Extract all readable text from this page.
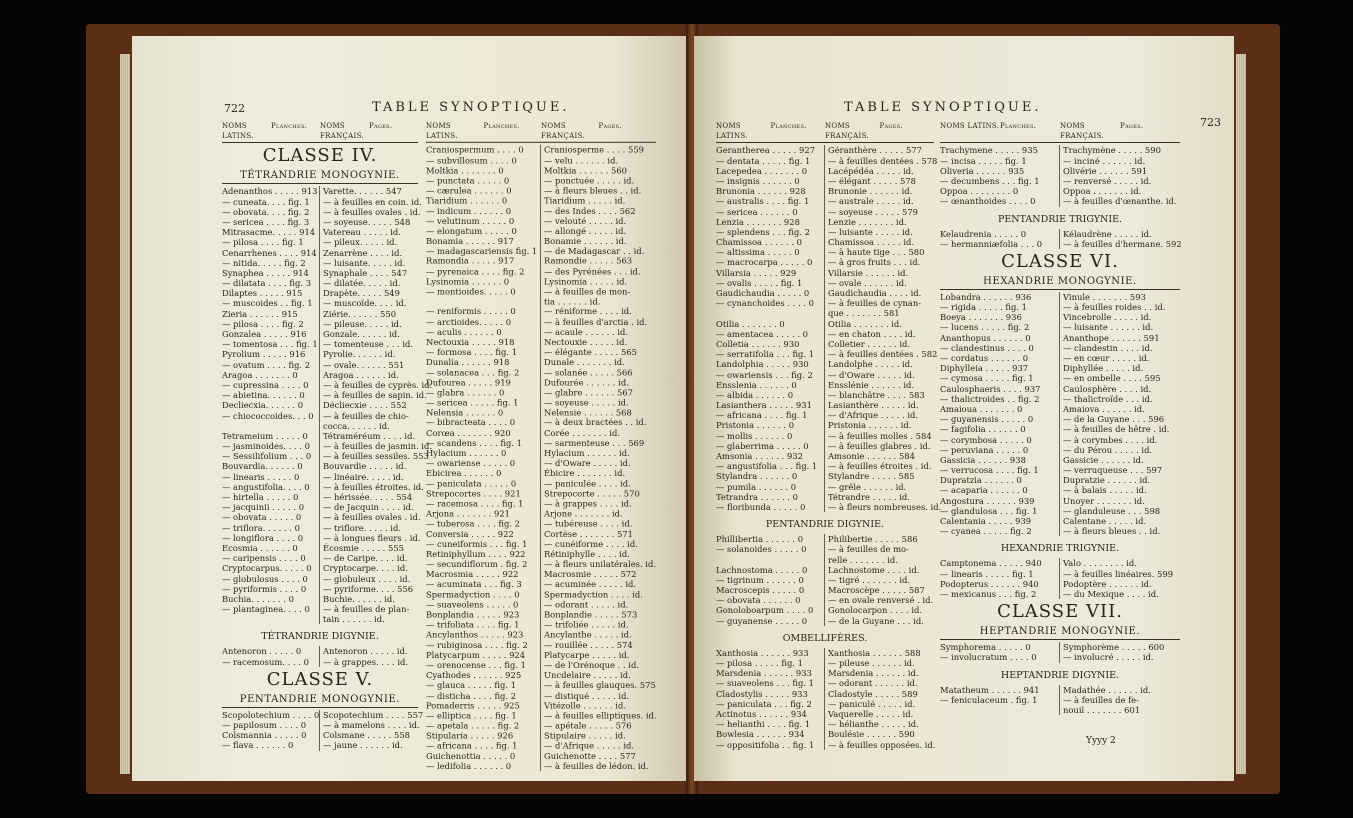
722	TABLE SYNOPTIQUE.
NOMS LATINS.
Planches.	NOMS FRANÇAIS.
Pages.
CLASSE IV.
TÉTRANDRIE MONOGYNIE.
Adenanthos . . . . . 913 Varette. . . . . . 547
— cuneata. . . . fig. 1	— à feuilles en coin. id.
— obovata. . . . fig. 2	— à feuilles ovales . id.
— sericea . . . . fig. 3	— soyeuse. . . . . 548
Mitrasacme. . . . . 914 Vatereau . . . . . id.
— pilosa . . . . fig. 1	— pileux. . . . . id.
Cenarrhenes . . . . 914 Zenarrène . . . . id.
— nitida. . . . . fig. 2	— luisante. . . . . id.
Synaphea . . . . . 914	Synaphale . . . . 547
— dilatata . . . . fig. 3	— dilatée. . . . . id.
Dilaptes . . . . . 915	Drapète. . . . . 549
— muscoides . . fig. 1	— muscoïde. . . . id.
Zieria . . . . . . 915	Ziérie. . . . . . 550
— pilosa . . . . fig. 2	— pileuse. . . . . id.
Gonzalea . . . . . 916	Gonzale. . . . . . id.
— tomentosa . . . fig. 1 — tomenteuse . . . id.
Pyrolium . . . . . 916	Pyrolie. . . . . . id.
— ovatum . . . . fig. 2	— ovale. . . . . . 551
Aragoa . . . . . . . 0	Aragoa . . . . . . id.
— cupressina . . . . 0	— à feuilles de cyprès. id.
— abietina. . . . . . 0	— à feuilles de sapin. id.
Decliecxia. . . . . . 0	Décliecxie . . . . 552
— chiococcoides. . . 0	— à feuilles de chio-
cocca. . . . . . id.
Tetrameium . . . . . 0	Tétraméréum . . . . id.
— jasminoides. . . . 0	— à feuilles de jasmin. id.
— Sessilifolium . . . 0	— à feuilles sessiles. 553
Bouvardia. . . . . . 0	Bouvardie . . . . . id.
— linearis . . . . . 0	— linéaire. . . . . id.
— angustifolia. . . . 0	— à feuilles étroites. id.
— hirtella . . . . . 0	— hérissée. . . . . 554
— jacquinii . . . . . 0	— de Jacquin . . . . id.
— obovata . . . . . 0	— à feuilles ovales . id.
— triflora. . . . . . 0	— triflore. . . . . id.
— longiflora . . . . 0	— à longues fleurs . id.
Ecosmia . . . . . . 0	Écosmie . . . . . 555
— caripensis . . . . 0	— de Caripe. . . . id.
Cryptocarpus. . . . . 0	Cryptocarpe. . . . id.
— globulosus . . . . 0	— globuleux . . . . id.
— pyriformis . . . . 0	— pyriforme. . . . 556
Buchia. . . . . . . 0	Buchie. . . . . . id.
— plantaginea. . . . 0	— à feuilles de plan-
tain . . . . . . id.
TÉTRANDRIE DIGYNIE.
Antenoron . . . . . 0	Antenoron . . . . . id.
— racemosum. . . . 0	— à grappes. . . . id.
CLASSE V.
PENTANDRIE MONOGYNIE.
Scopolotechium . . . . 0 Scopotechium . . . . 557
— papilosum . . . . 0	— à mamelons . . . . id.
Colsmannia . . . . . 0	Colsmane . . . . . 558
— flava . . . . . . 0	— jaune . . . . . . id.
NOMS LATINS.
Planches.	NOMS FRANÇAIS.
Pages.
Craniospermum . . . . 0	Craniosperme . . . . 559
— subvillosum . . . . 0	— velu . . . . . . id.
Moltkia . . . . . . . 0	Moltkia . . . . . . 560
— punctata . . . . . 0	— ponctuée . . . . . id.
— cærulea . . . . . . 0	— à fleurs bleues . . id.
Tiaridium . . . . . . 0	Tiaridium . . . . . id.
— indicum . . . . . . 0	— des Indes . . . . 562
— velutinum . . . . . 0	— velouté . . . . . id.
— elongatum . . . . . 0	— allongé . . . . . id.
Bonamia . . . . . . 917	Bonamie . . . . . . id.
— madagascariensis fig. 1 — de Madagascar . . id.
Ramondia . . . . . 917	Ramondie . . . . . 563
— pyrenaica . . . . fig. 2	— des Pyrénées . . . id.
Lysinomia . . . . . . 0	Lysinomia . . . . . id.
— montioides. . . . . 0	— à feuilles de mon-
tia . . . . . . id.
— reniformis . . . . . 0	— réniforme . . . . id.
— arctioides. . . . . 0	— à feuilles d'arctia . id.
— aculis . . . . . . 0	— acaule . . . . . . id.
Nectouxia . . . . . 918	Nectouxie . . . . . id.
— formosa . . . . fig. 1	— élégante . . . . . 565
Dunalia . . . . . . 918	Dunale . . . . . . . id.
— solanacea . . . fig. 2	— solanée . . . . . 566
Dufourea . . . . . 919	Dufourée . . . . . . id.
— glabra . . . . . . 0	— glabre . . . . . . 567
— sericea . . . . . fig. 1	— soyeuse . . . . . id.
Nelensia . . . . . . 0	Nelensie . . . . . . 568
— bibracteata . . . . 0	— à deux bractées . . id.
Corœa . . . . . . . 920	Corée . . . . . . . id.
— scandens . . . . fig. 1	— sarmenteuse . . . 569
Hylacium . . . . . . 0	Hylacium . . . . . . id.
— owariense . . . . . 0	— d'Oware . . . . . id.
Ebicirea . . . . . . 0	Ébicire . . . . . . . id.
— paniculata . . . . . 0	— paniculée . . . . id.
Strepocortes . . . . 921	Strepocorte . . . . . 570
— racemosa . . . . fig. 1	— à grappes . . . . id.
Arjona . . . . . . . 921	Arjone . . . . . . . id.
— tuberosa . . . . fig. 2	— tubéreuse . . . . id.
Conversia . . . . . 922	Cortèse . . . . . . . 571
— cuneiformis . . . fig. 1	— cunéiforme . . . . id.
Retiniphyllum . . . . 922	Rétiniphylle . . . . id.
— secundiflorum . fig. 2	— à fleurs unilatérales. id.
Macrosmia . . . . . 922	Macrosmie . . . . . 572
— acuminata . . . fig. 3	— acuminée . . . . . id.
Spermadyction . . . . 0	Spermadyction . . . . id.
— suaveolens . . . . . 0	— odorant . . . . . id.
Bonplandia . . . . . 923	Bonplandie . . . . . 573
— trifoliata . . . . fig. 1	— trifoliée . . . . . id.
Ancylanthos . . . . . 923	Ancylanthe . . . . . id.
— rubiginosa . . . . fig. 2	— rouillée . . . . . 574
Platycarpum . . . . . 924	Platycarpe . . . . . id.
— orenocense . . . fig. 1	— de l'Orénoque . . id.
Cyathodes . . . . . . 925	Uncdelaire . . . . . id.
— glauca . . . . . fig. 1	— à feuilles glauques. 575
— disticha . . . . fig. 2	— distiqué . . . . . id.
Pomaderris . . . . . 925	Vitézolle . . . . . . id.
— elliptica . . . . fig. 1	— à feuilles elliptiques. id.
— apetala . . . . . fig. 2	— apétale . . . . . 576
Stipularia . . . . . 926	Stipulaire . . . . . id.
— africana . . . . fig. 1	— d'Afrique . . . . . id.
Guichenottia . . . . . 0	Guichenotte . . . . 577
— ledifolia . . . . . . 0	— à feuilles de lédon. id.
723
TABLE SYNOPTIQUE.
NOMS LATINS.
Planches.	NOMS FRANÇAIS.
Pages.
Gerantherea . . . . . 927	Géranthère . . . . . 577
— dentata . . . . . fig. 1	— à feuilles dentées . 578
Lacepedea . . . . . . . 0	Lacépédéa . . . . . id.
— insignis . . . . . . 0	— élégant . . . . . 578
Brunonia . . . . . . 928	Brunonie . . . . . . id.
— australis . . . . fig. 1	— australe . . . . . id.
— sericea . . . . . . 0	— soyeuse . . . . . 579
Lenzia . . . . . . . 928	Lenzie . . . . . . . id.
— splendens . . . fig. 2	— luisante . . . . . id.
Chamissoa . . . . . . 0	Chamissoa . . . . . id.
— altissima . . . . . 0	— à haute tige . . . 580
— macrocarpa . . . . . 0	— à gros fruits . . . id.
Villarsia . . . . . 929	Villarsie . . . . . . id.
— ovalis . . . . . fig. 1	— ovale . . . . . . id.
Gaudichaudia . . . . . 0	Gaudichaudia . . . . id.
— cynanchoides . . . . 0	— à feuilles de cynan-
que . . . . . . . 581
Otilia . . . . . . . 0	Otilia . . . . . . . id.
— amentacea . . . . . 0	— en chaton . . . . id.
Colletia . . . . . . 930	Colletier . . . . . . id.
— serratifolia . . . fig. 1	— à feuilles dentées . 582
Landolphia . . . . . 930	Landolphe . . . . . id.
— owariensis . . . fig. 2	— d'Oware . . . . . id.
Ensslenia . . . . . . 0	Ensslénie . . . . . . id.
— albida . . . . . . 0	— blanchâtre . . . . 583
Lasianthera . . . . . 931	Lasianthère . . . . . id.
— africana . . . . fig. 1	— d'Afrique . . . . . id.
Pristonia . . . . . . 0	Pristonia . . . . . . id.
— mollis . . . . . . 0	— à feuilles molles . 584
— glaberrima . . . . . 0	— à feuilles glabres . id.
Amsonia . . . . . . 932	Amsonie . . . . . . 584
— angustifolia . . . fig. 1	— à feuilles étroites . id.
Stylandra . . . . . . 0	Stylandre . . . . . 585
— pumila . . . . . . 0	— grêle . . . . . . id.
Tetrandra . . . . . . 0	Tétrandre . . . . . id.
— floribunda . . . . . 0	— à fleurs nombreuses. id.
PENTANDRIE DIGYNIE.
Phillibertia . . . . . . 0	Philibertie . . . . . 586
— solanoides . . . . . 0	— à feuilles de mo-
relle . . . . . . . id.
Lachnostoma . . . . . 0	Lachnostome . . . . id.
— tigrinum . . . . . . 0	— tigré . . . . . . . id.
Macroscepis . . . . . 0	Macroscèpe . . . . . 587
— obovata . . . . . . 0	— en ovale renversé . id.
Gonoloboarpum . . . . 0	Gonolocarpon . . . . id.
— guyanense . . . . . 0	— de la Guyane . . . id.
OMBELLIFÈRES.
Xanthosia . . . . . . 933	Xanthosia . . . . . . 588
— pilosa . . . . . fig. 1	— pileuse . . . . . . id.
Marsdenia . . . . . . 933	Marsdenia . . . . . . id.
— suaveolens . . . fig. 1	— odorant . . . . . . id.
Cladostylis . . . . . 933	Cladostyle . . . . . 589
— paniculata . . . fig. 2	— paniculé . . . . . id.
Actinotus . . . . . . 934	Vaquerelle . . . . . id.
— helianthi . . . . fig. 1	— hélianthe . . . . . id.
Bowlesia . . . . . . 934	Boulésie . . . . . . 590
— oppositifolia . . fig. 1	— à feuilles opposées. id.
NOMS LATINS. Planches.	NOMS FRANÇAIS.
Pages.
Trachymene . . . . . 935	Trachymène . . . . . 590
— incisa . . . . . fig. 1	— inciné . . . . . . id.
Oliveria . . . . . . 935	Olivérie . . . . . . 591
— decumbens . . . fig. 1	— renversé . . . . . id.
Oppoa . . . . . . . . 0	Oppoa . . . . . . . id.
— œnanthoides . . . . 0	— à feuilles d'œnanthe. id.
PENTANDRIE TRIGYNIE.
Kelaudrenia . . . . . 0	Kélaudrène . . . . . id.
— hermanniæfolia . . . 0	— à feuilles d'hermane. 592
CLASSE VI.
HEXANDRIE MONOGYNIE.
Lobandra . . . . . . 936	Vinule . . . . . . . 593
— rigida . . . . . fig. 1	— à feuilles roides . . id.
Boeya . . . . . . . 936	Vincebrolle . . . . . id.
— lucens . . . . . fig. 2	— luisante . . . . . . id.
Ananthopus . . . . . . 0	Ananthope . . . . . . 591
— clandestinus . . . . 0	— clandestin . . . . id.
— cordatus . . . . . . 0	— en cœur . . . . . id.
Diphylleia . . . . . 937	Diphyllée . . . . . id.
— cymosa . . . . . fig. 1	— en ombelle . . . . 595
Caulosphaeris . . . . 937	Caulosphère . . . . id.
— thalictroides . . fig. 2	— thalictroïde . . . id.
Amaioua . . . . . . . 0	Amaiova . . . . . . id.
— guyanensis . . . . . 0	— de la Guyane . . . 596
— fagifolia . . . . . . 0	— à feuilles de hêtre . id.
— corymbosa . . . . . 0	— à corymbes . . . . id.
— peruviana . . . . . 0	— du Pérou . . . . . id.
Gassicia . . . . . . 938	Gassicie . . . . . . id.
— verrucosa . . . . fig. 1	— verruqueuse . . . 597
Dupratzia . . . . . . 0	Dupratzie . . . . . . id.
— acaparia . . . . . . 0	— à balais . . . . . id.
Angostura . . . . . . 939	Unoyer . . . . . . . id.
— glandulosa . . . fig. 1	— glanduleuse . . . 598
Calentania . . . . . 939	Calentane . . . . . id.
— cyanea . . . . . fig. 2	— à fleurs bleues . . id.
HEXANDRIE TRIGYNIE.
Camptonema . . . . . 940	Valo . . . . . . . . id.
— linearis . . . . . fig. 1	— à feuilles linéaires. 599
Podopterus . . . . . . 940	Podoptère . . . . . . id.
— mexicanus . . . fig. 2	— du Mexique . . . . id.
CLASSE VII.
HEPTANDRIE MONOGYNIE.
Symphorema . . . . . 0	Symphorème . . . . . 600
— involucratum . . . . 0	— involucré . . . . . id.
HEPTANDRIE DIGYNIE.
Matatheum . . . . . . 941	Madathée . . . . . . id.
— feniculaceum . fig. 1	— à feuilles de fe-
nouil . . . . . . . 601
Yyyy 2
